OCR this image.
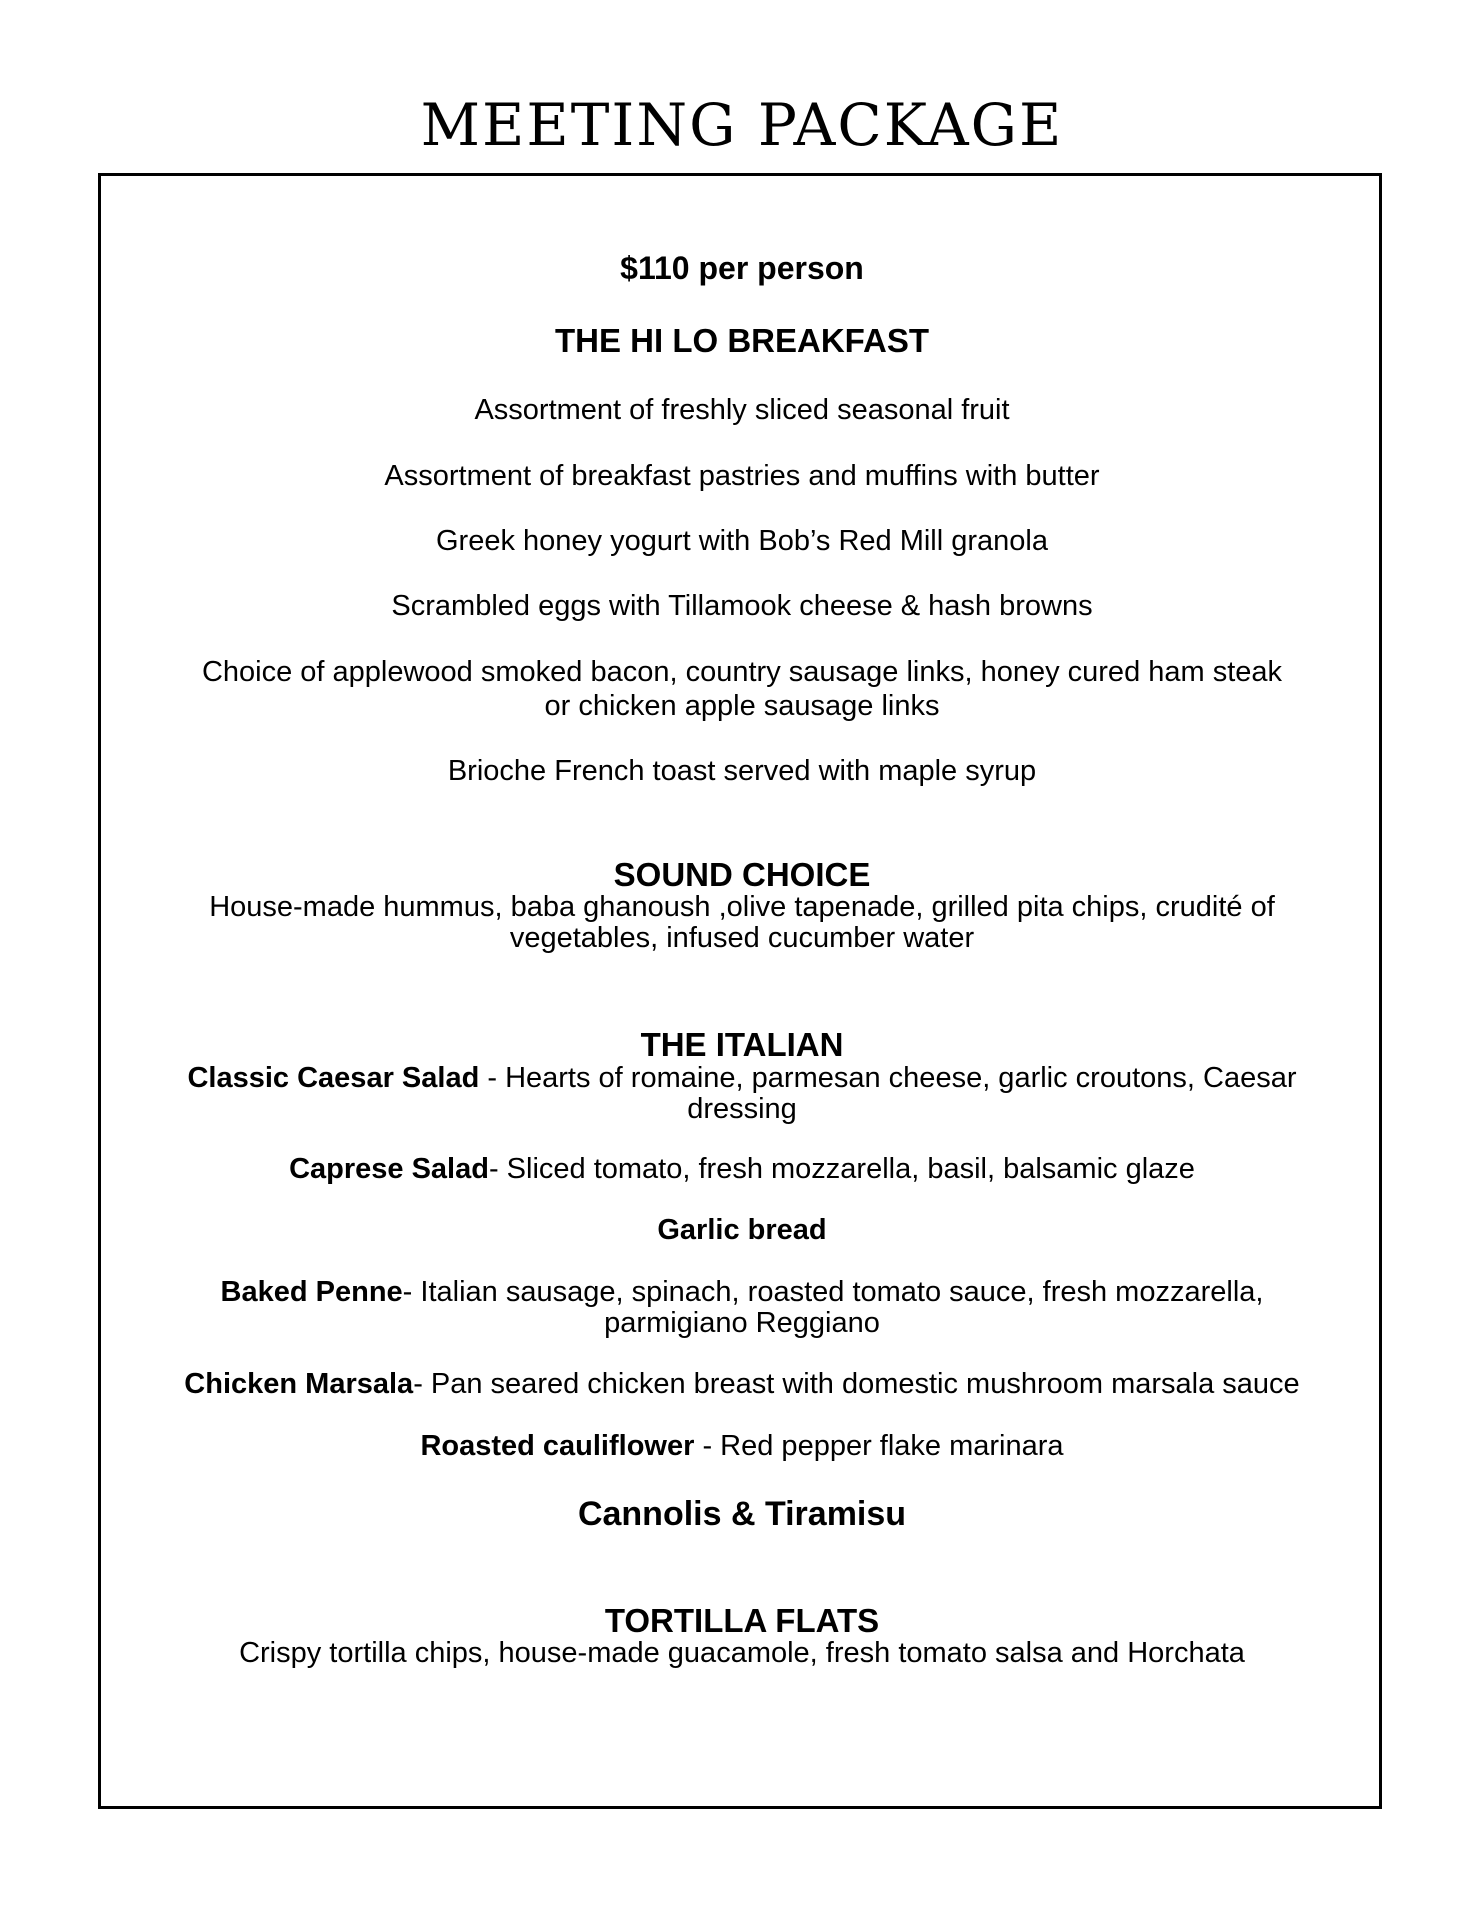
MEETING PACKAGE

$110 per person

THE HI LO BREAKFAST

Assortment of freshly sliced seasonal fruit

Assortment of breakfast pastries and muffins with butter

Greek honey yogurt with Bob’s Red Mill granola

Scrambled eggs with Tillamook cheese & hash browns

Choice of applewood smoked bacon, country sausage links, honey cured ham steak

or chicken apple sausage links

Brioche French toast served with maple syrup

SOUND CHOICE

House-made hummus, baba ghanoush ,olive tapenade, grilled pita chips, crudité of

vegetables, infused cucumber water

THE ITALIAN

Classic Caesar Salad - Hearts of romaine, parmesan cheese, garlic croutons, Caesar

dressing

Caprese Salad- Sliced tomato, fresh mozzarella, basil, balsamic glaze

Garlic bread

Baked Penne- Italian sausage, spinach, roasted tomato sauce, fresh mozzarella,

parmigiano Reggiano

Chicken Marsala- Pan seared chicken breast with domestic mushroom marsala sauce

Roasted cauliflower - Red pepper flake marinara

Cannolis & Tiramisu

TORTILLA FLATS

Crispy tortilla chips, house-made guacamole, fresh tomato salsa and Horchata
